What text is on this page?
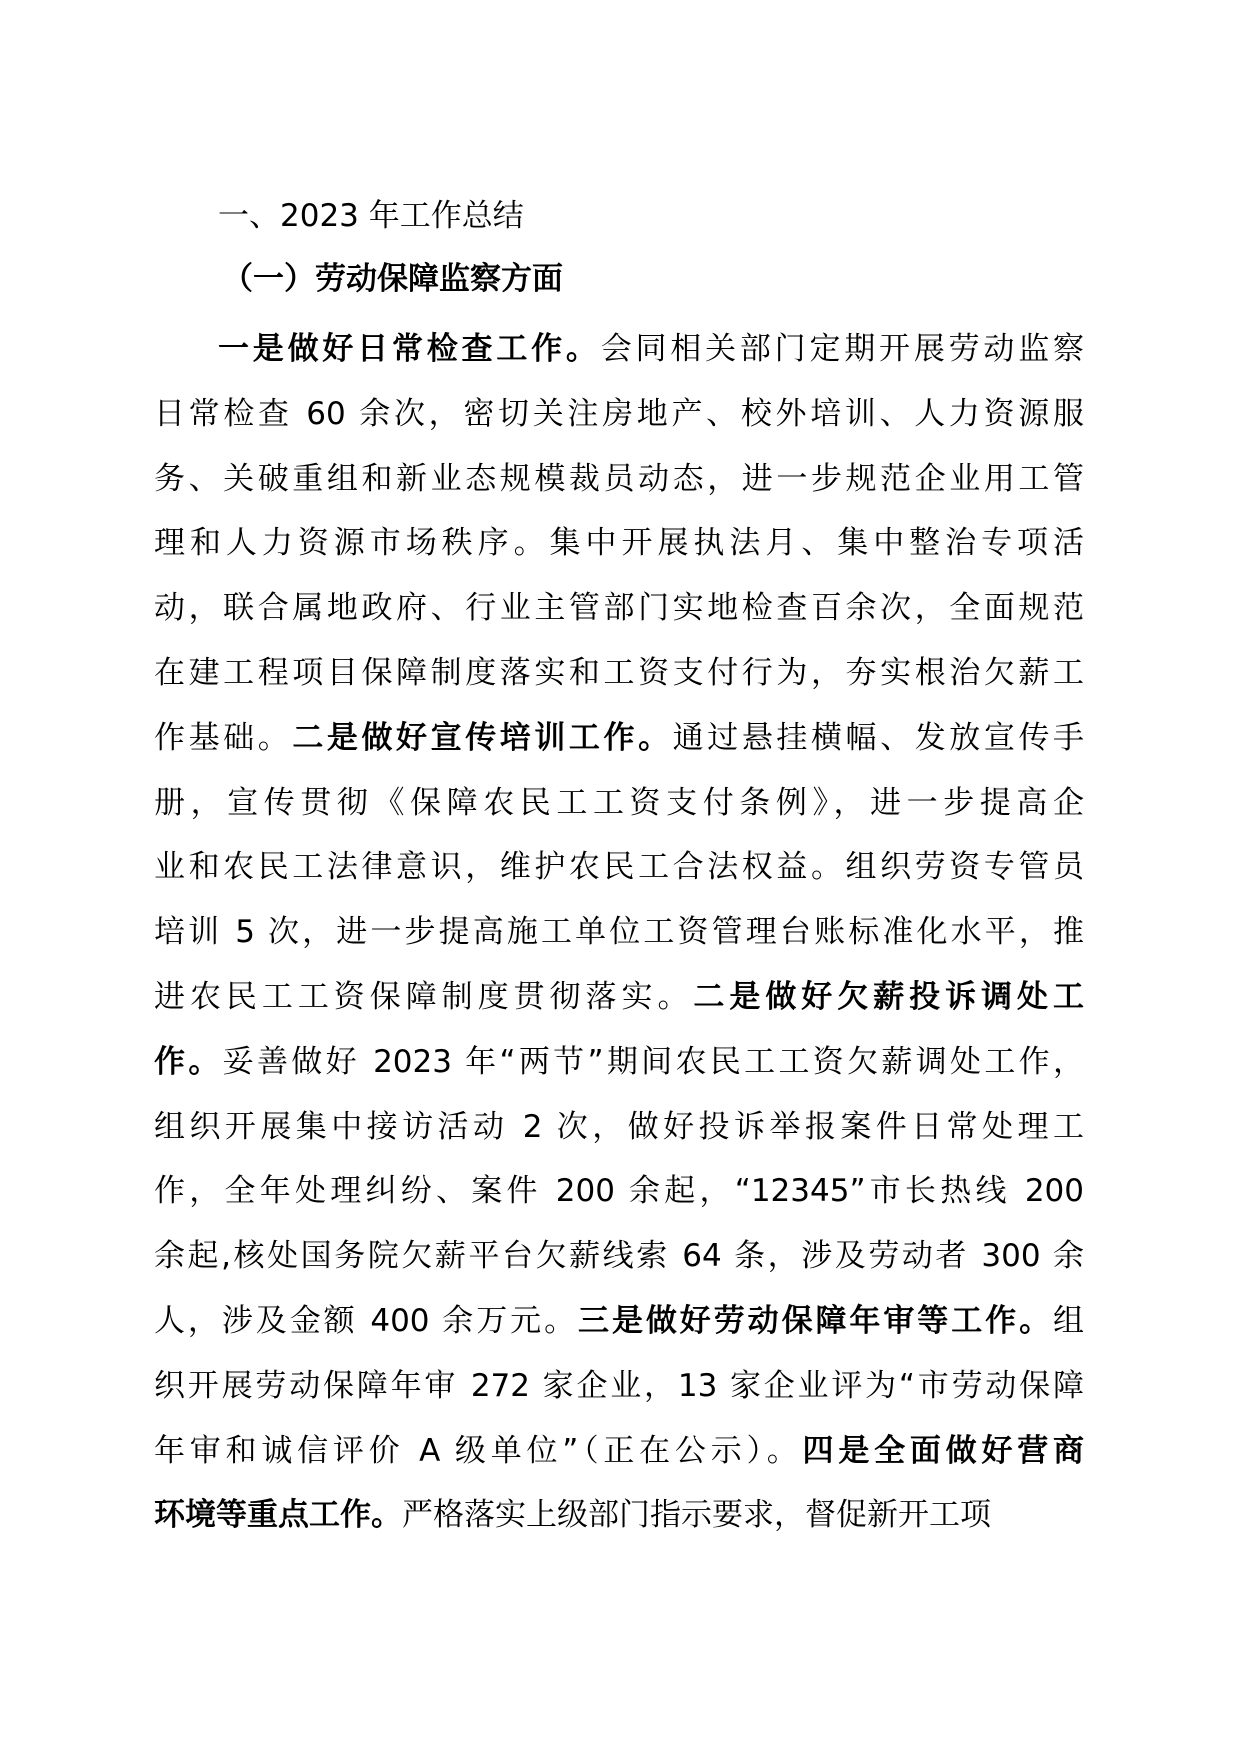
一、2023 年工作总结
（一）劳动保障监察方面
一是做好日常检查工作。会同相关部门定期开展劳动监察
日常检查 60 余次，密切关注房地产、校外培训、人力资源服
务、关破重组和新业态规模裁员动态，进一步规范企业用工管
理和人力资源市场秩序。集中开展执法月、集中整治专项活
动，联合属地政府、行业主管部门实地检查百余次，全面规范
在建工程项目保障制度落实和工资支付行为，夯实根治欠薪工
作基础。二是做好宣传培训工作。通过悬挂横幅、发放宣传手
册，宣传贯彻《保障农民工工资支付条例》，进一步提高企
业和农民工法律意识，维护农民工合法权益。组织劳资专管员
培训 5 次，进一步提高施工单位工资管理台账标准化水平，推
进农民工工资保障制度贯彻落实。二是做好欠薪投诉调处工
作。妥善做好 2023 年“两节”期间农民工工资欠薪调处工作，
组织开展集中接访活动 2 次，做好投诉举报案件日常处理工
作，全年处理纠纷、案件 200 余起，“12345”市长热线 200
余起,核处国务院欠薪平台欠薪线索 64 条，涉及劳动者 300 余
人，涉及金额 400 余万元。三是做好劳动保障年审等工作。组
织开展劳动保障年审 272 家企业，13 家企业评为“市劳动保障
年审和诚信评价 A 级单位”（正在公示）。四是全面做好营商
环境等重点工作。严格落实上级部门指示要求，督促新开工项
